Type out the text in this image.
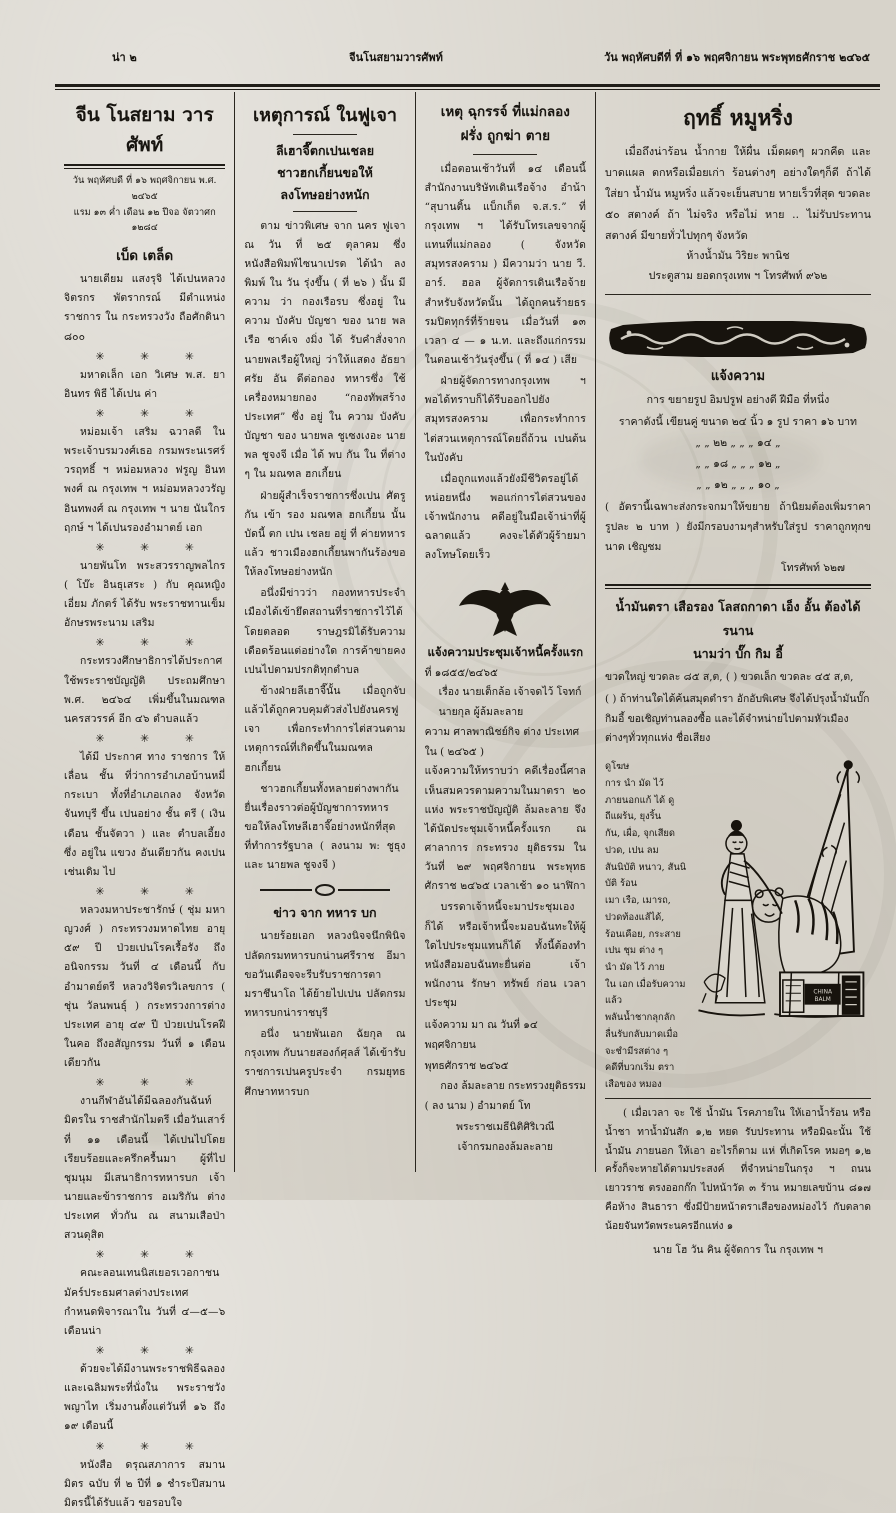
น่า ๒	จีนโนสยามวารศัพท์	วัน พฤหัศบดีที่ ที่ ๑๖ พฤศจิกายน พระพุทธศักราช ๒๔๖๕
จีน โนสยาม วารศัพท์
วัน พฤหัศบดี ที่ ๑๖ พฤศจิกายน พ.ศ. ๒๔๖๕
แรม ๑๓ ค่ำ เดือน ๑๒ ปีจอ จัตวาศก ๑๒๘๔
เบ็ด เตล็ด

นายเตียม แสงรุจิ ได้เปนหลวง จิตรกร พัตรากรณ์ มีตำแหน่งราชการ ใน กระทรวงวัง ถือศักดินา ๘๐๐

✳ ✳ ✳

มหาดเล็ก เอก วิเศษ พ.ส. ยา อินทร พิธี ได้เปน ค่า

✳ ✳ ✳

หม่อมเจ้า เสริม ฉวาลดี ใน พระเจ้าบรมวงศ์เธอ กรมพระนเรศร์ วรฤทธิ์ ฯ หม่อมหลวง ฟรูญ อินทพงศ์ ณ กรุงเทพ ฯ หม่อมหลวงวรัญอินทพงศ์ ณ กรุงเทพ ฯ นาย นันใกร ฤกษ์ ฯ ได้เปนรองอำมาตย์ เอก

✳ ✳ ✳

นายพันโท พระสวรราญพลไกร ( โบ๊ะ อินธุเสระ ) กับ คุณหญิง เอี่ยม ภักตร์ ได้รับ พระราชทานเข็ม อักษรพระนาม เสริม

✳ ✳ ✳

กระทรวงศึกษาธิการได้ประกาศใช้พระราชบัญญัติ ประถมศึกษา พ.ศ. ๒๔๖๔ เพิ่มขึ้นในมณฑล นครสวรรค์ อีก ๔๖ ตำบลแล้ว

✳ ✳ ✳

ได้มี ประกาศ ทาง ราชการ ให้ เลื่อน ชั้น ที่ว่าการอำเภอบ้านหมี่ กระเบา ทั้งที่อำเภอเกลง จังหวัด จันทบุรี ขึ้น เปนอย่าง ชั้น ตรี ( เงินเดือน ชั้นจัตวา ) และ ตำบลเอี้ยง ซึ่ง อยู่ใน แขวง อันเดียวกัน คงเปน เช่นเดิม ไป

✳ ✳ ✳

หลวงมหาประชารักษ์ ( ชุ่ม มหาญวงศ์ ) กระทรวงมหาดไทย อายุ ๕๙ ปี ป่วยเปนโรคเรื้อรัง ถึงอนิจกรรม วันที่ ๔ เดือนนี้ กับอำมาตย์ตรี หลวงวิจิตรวิเลขการ ( ชุ่น วัลนพนธุ์ ) กระทรวงการต่างประเทศ อายุ ๔๙ ปี ป่วยเปนโรคฝีในคอ ถึงอสัญกรรม วันที่ ๑ เดือนเดียวกัน

✳ ✳ ✳

งานกีฬาอันได้มีฉลองกันฉันท์มิตรใน ราชสำนักไมตรี เมื่อวันเสาร์ ที่ ๑๑ เดือนนี้ ได้เปนไปโดยเรียบร้อยและครึกครื้นมา ผู้ที่ไป ชุมนุม มีเสนาธิการทหารบก เจ้านายและข้าราชการ อเมริกัน ต่างประเทศ ทั่วกัน ณ สนามเสือป่า สวนดุสิต

✳ ✳ ✳

คณะลอนเทนนิสเยอรเวอกาชนมัคร์ประธมศาลต่างประเทศ กำหนดพิจารณาใน วันที่ ๔—๕—๖ เดือนน่า

✳ ✳ ✳

ด้วยจะได้มีงานพระราชพิธีฉลองและเฉลิมพระที่นั่งใน พระราชวังพญาไท เริ่มงานตั้งแต่วันที่ ๑๖ ถึง ๑๙ เดือนนี้

✳ ✳ ✳

หนังสือ ดรุณสภาการ สมานมิตร ฉบับ ที่ ๒ ปีที่ ๑ ชำระปีสมานมิตรนี้ได้รับแล้ว ขอรอบใจ

เหตุการณ์ ในฟูเจา
ลีเฮาจี๊ตกเปนเชลย
ชาวฮกเกี้ยนขอให้
ลงโทษอย่างหนัก

ตาม ข่าวพิเศษ จาก นคร ฟูเจา ณ วัน ที่ ๒๕ ตุลาคม ซึ่ง หนังสือพิมพ์ไซนาเปรด ได้นำ ลง พิมพ์ ใน วัน รุ่งขึ้น ( ที่ ๒๖ ) นั้น มี ความ ว่า กองเรือรบ ซึ่งอยู่ ใน ความ บังคับ บัญชา ของ นาย พล เรือ ซาค์เจ งมิ่ง ได้ รับคำสั่งจาก นายพลเรือผู้ใหญ่ ว่าให้แสดง อัธยาศรัย อัน ดีต่อกอง ทหารซึ่ง ใช้ เครื่องหมายกอง “กองทัพสร้างประเทศ” ซึ่ง อยู่ ใน ความ บังคับ บัญชา ของ นายพล ชูเซงเงอะ นาย พล ชูจงจี เมื่อ ได้ พบ กัน ใน ที่ต่าง ๆ ใน มณฑล ฮกเกี้ยน

ฝ่ายผู้สำเร็จราชการซึ่งเปน ศัตรู กัน เข้า รอง มณฑล ฮกเกี้ยน นั้น บัดนี้ ตก เปน เชลย อยู่ ที่ ค่ายทหารแล้ว ชาวเมืองฮกเกี้ยนพากันร้องขอให้ลงโทษอย่างหนัก

อนึ่งมีข่าวว่า กองทหารประจำเมืองได้เข้ายึดสถานที่ราชการไว้ได้โดยตลอด ราษฎรมิได้รับความเดือดร้อนแต่อย่างใด การค้าขายคงเปนไปตามปรกติทุกตำบล

ข้างฝ่ายลีเฮาจี๊นั้น เมื่อถูกจับแล้วได้ถูกควบคุมตัวส่งไปยังนครฟูเจา เพื่อกระทำการไต่สวนตามเหตุการณ์ที่เกิดขึ้นในมณฑลฮกเกี้ยน

ชาวฮกเกี้ยนทั้งหลายต่างพากันยื่นเรื่องราวต่อผู้บัญชาการทหาร ขอให้ลงโทษลีเฮาจี๊อย่างหนักที่สุด ที่ทำการรัฐบาล ( ลงนาม พ: ชูธุง และ นายพล ชูจงจี )

ข่าว จาก ทหาร บก

นายร้อยเอก หลวงนิจจนึกพินิจ ปลัดกรมทหารบกน่านศรีราช อีมา ขอวันเดือจจะรีบรับราชการตามราชึนาโถ ได้ย้ายไปเปน ปลัดกรมทหารบกน่าราชบุรี

อนึ่ง นายพันเอก ฉัยกุล ณ กรุงเทพ กับนายสองก์ศุลส์ ได้เข้ารับราชการเปนครูประจำ กรมยุทธศึกษาทหารบก

เหตุ ฉุกรรจ์ ที่แม่กลอง
ฝรั่ง ถูกฆ่า ตาย

เมื่อตอนเช้าวันที่ ๑๔ เดือนนี้ สำนักงานบริษัทเดินเรือจ้าง อำน้า “สุบานติ้น แบ็กเก็ต จ.ส.ร.” ที่กรุงเทพ ฯ ได้รับโทรเลขจากผู้แทนที่แม่กลอง ( จังหวัด สมุทรสงคราม ) มีความว่า นาย วี. อาร์. ฮอล ผู้จัดการเดินเรือจ้าย สำหรับจังหวัดนั้น ได้ถูกคนร้ายธรรมปิตทุกร์ที่ร้ายจน เมื่อวันที่ ๑๓ เวลา ๔ — ๑ น.ท. และถึงแก่กรรมในตอนเช้าวันรุ่งขึ้น ( ที่ ๑๔ ) เสีย

ฝ่ายผู้จัดการทางกรุงเทพ ฯ พอได้ทราบก็ได้รีบออกไปยังสมุทรสงคราม เพื่อกระทำการไต่สวนเหตุการณ์โดยถี่ถ้วน เปนต้นในบังคับ

เมื่อถูกแทงแล้วยังมีชีวิตรอยู่ได้หน่อยหนึ่ง พอแก่การไต่สวนของเจ้าพนักงาน คดีอยู่ในมือเจ้าน่าที่ผู้ฉลาดแล้ว คงจะได้ตัวผู้ร้ายมาลงโทษโดยเร็ว

แจ้งความประชุมเจ้าหนี้ครั้งแรก

ที่ ๑๘๕๕/๒๔๖๕

เรื่อง นายเต็กล้อ เจ้าจดไว้ โจทก์

นายกุล ผู้ล้มละลาย

ความ ศาลพาณิชย์กิจ ต่าง ประเทศใน ( ๒๔๖๕ )

แจ้งความให้ทราบว่า คดีเรื่องนี้ศาลเห็นสมควรตามความในมาตรา ๒๐ แห่ง พระราชบัญญัติ ล้มละลาย จึงได้นัดประชุมเจ้าหนี้ครั้งแรก ณ ศาลาการ กระทรวง ยุติธรรม ใน วันที่ ๒๙ พฤศจิกายน พระพุทธศักราช ๒๔๖๕ เวลาเช้า ๑๐ นาฬิกา

บรรดาเจ้าหนี้จะมาประชุมเองก็ได้ หรือเจ้าหนี้จะมอบฉันทะให้ผู้ใดไปประชุมแทนก็ได้ ทั้งนี้ต้องทำหนังสือมอบฉันทะยื่นต่อ เจ้าพนักงาน รักษา ทรัพย์ ก่อน เวลา ประชุม

แจ้งความ มา ณ วันที่ ๑๔ พฤศจิกายน

พุทธศักราช ๒๔๖๕

กอง ล้มละลาย กระทรวงยุติธรรม

( ลง นาม ) อำมาตย์ โท

พระราชเมธีนิติศิริเวณี

เจ้ากรมกองล้มละลาย

ฤทธิ์ หมูหริ่ง

เมื่อถึงน่าร้อน น้ำกาย ให้ผื่น เม็ดผดๆ ผวกคีด และ บาดแผล ตกหรือเมื่อยเก่า ร้อนต่างๆ อย่างใดๆก็ดี ถ้าได้ใส่ยา น้ำมัน หมูหริ่ง แล้วจะเย็นสบาย หายเร็วที่สุด ขวดละ ๕๐ สตางค์ ถ้า ไม่จริง หรือไม่ หาย .. ไม่รับประทานสตางค์ มีขายทั่วไปทุกๆ จังหวัด

ห้างน้ำมัน วิริยะ พานิช

ประตูสาม ยอดกรุงเทพ ฯ โทรศัพท์ ๙๖๒

แจ้งความ

การ ขยายรูป อิมปรูฟ อย่างดี ฝีมือ ที่หนึ่ง

ราคาดังนี้ เขียนคู่ ขนาด ๒๔ นิ้ว ๑ รูป ราคา ๑๖ บาท

„ „ ๒๒ „ „ „ ๑๔ „

„ „ ๑๘ „ „ „ ๑๒ „

„ „ ๑๒ „ „ „ ๑๐ „

( อัตรานี้เฉพาะส่งกระจกมาให้ขยาย ถ้านิยมต้องเพิ่มราคา รูปละ ๒ บาท ) ยังมีกรอบงามๆสำหรับใส่รูป ราคาถูกทุกขนาด เชิญชม

โทรศัพท์ ๖๒๗

น้ำมันตรา เสือรอง โลสถกาดา เอ็ง อั้น ต้องได้รนาน
นามว่า บั๊ก กิม อี้

ขวดใหญ่ ขวดละ ๘๕ ส,ต, ( ) ขวดเล็ก ขวดละ ๔๕ ส,ต,

( ) ถ้าท่านใดได้ค้นสมุดตำรา อักอับพิเศษ จึงได้ปรุงน้ำมันบั๊กกิมอี้ ขอเชิญท่านลองซื้อ และได้จำหน่ายไปตามหัวเมืองต่างๆทั่วทุกแห่ง ชื่อเสียง

ดูโฆษ

การ นำ มัด ไว้

ภายนอกแก้ ได้ ดู

ถีแผร้น, ยุงริ้น

กัน, เผื่อ, จุกเสียด

ปวด, เปน ลม

สันนิบัติ หนาว, สันนิบัติ ร้อน

เมา เรือ, เมารถ,

ปวดท้องแส้ได้,

ร้อนเคือย, กระสาย

เปน ชุม ต่าง ๆ

นำ มัด ไว้ ภาย

ใน เอก เมื่อรับความแล้ว

พลันน้ำชากลุกลัก

ลื่นรับกลับมาดเมื่อ

จะชำมีรสต่าง ๆ

คดีที่บวกเริ่ม ตรา

เสือของ หมอง

CHINA
BALM

( เมื่อเวลา จะ ใช้ น้ำมัน โรคภายใน ให้เอาน้ำร้อน หรือน้ำชา ทาน้ำมันสัก ๑,๒ หยด รับประทาน หรือมิฉะนั้น ใช้ น้ำมัน ภายนอก ให้เอา อะไรก็ตาม แห่ ที่เกิดโรค หมอๆ ๑,๒ ครั้งก็จะหายได้ตามประสงค์ ที่จำหน่ายในกรุง ฯ ถนนเยาวราช ตรงออกก๊ก ไปหน้าวัด ๓ ร้าน หมายเลขบ้าน ๘๑๗ คือห้าง สินธารา ซึ่งมีป้ายหน้าตราเสือของหม่องไว้ กับตลาดน้อยจันทวัดพระนครอีกแห่ง ๑

นาย โฮ วัน คิน ผู้จัดการ ใน กรุงเทพ ฯ
